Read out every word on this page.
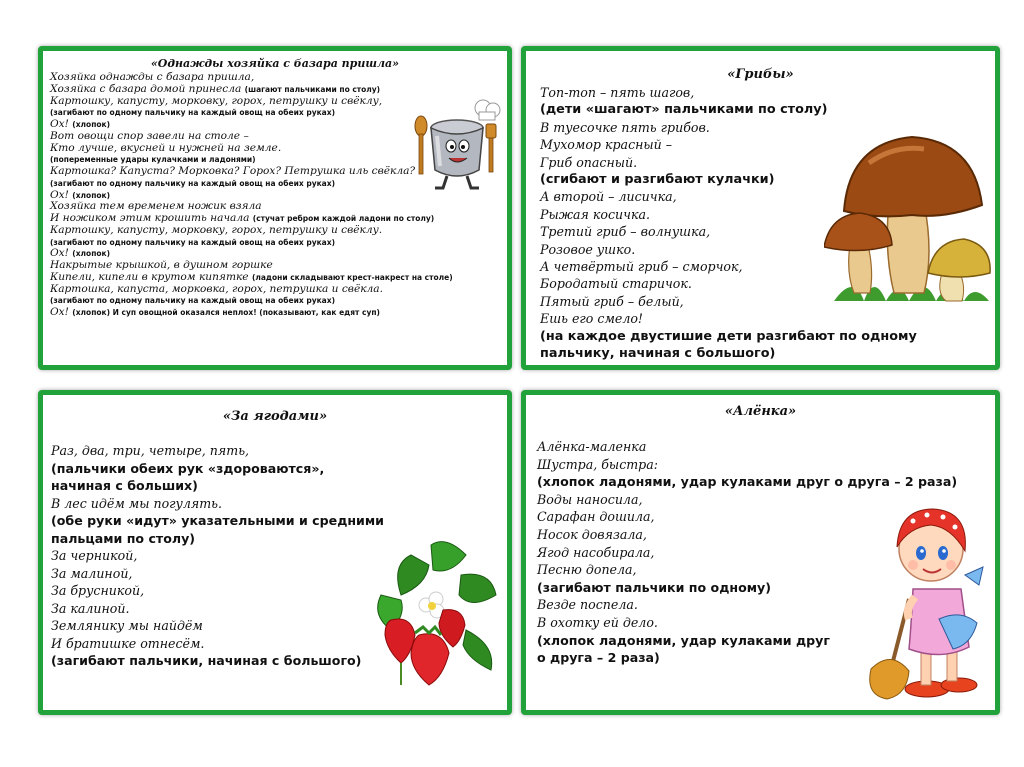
«Однажды хозяйка с базара пришла»
Хозяйка однажды с базара пришла,
Хозяйка с базара домой принесла (шагают пальчиками по столу)
Картошку, капусту, морковку, горох, петрушку и свёклу,
(загибают по одному пальчику на каждый овощ на обеих руках)
Ох! (хлопок)
Вот овощи спор завели на столе –
Кто лучше, вкусней и нужней на земле.
(попеременные удары кулачками и ладонями)
Картошка? Капуста? Морковка? Горох? Петрушка иль свёкла?
(загибают по одному пальчику на каждый овощ на обеих руках)
Ох! (хлопок)
Хозяйка тем временем ножик взяла
И ножиком этим крошить начала (стучат ребром каждой ладони по столу)
Картошку, капусту, морковку, горох, петрушку и свёклу.
(загибают по одному пальчику на каждый овощ на обеих руках)
Ох! (хлопок)
Накрытые крышкой, в душном горшке
Кипели, кипели в крутом кипятке (ладони складывают крест-накрест на столе)
Картошка, капуста, морковка, горох, петрушка и свёкла.
(загибают по одному пальчику на каждый овощ на обеих руках)
Ох! (хлопок) И суп овощной оказался неплох! (показывают, как едят суп)
«Грибы»
Топ-топ – пять шагов,
(дети «шагают» пальчиками по столу)
В туесочке пять грибов.
Мухомор красный –
Гриб опасный.
(сгибают и разгибают кулачки)
А второй – лисичка,
Рыжая косичка.
Третий гриб – волнушка,
Розовое ушко.
А четвёртый гриб – сморчок,
Бородатый старичок.
Пятый гриб – белый,
Ешь его смело!
(на каждое двустишие дети разгибают по одному
пальчику, начиная с большого)
«За ягодами»
Раз, два, три, четыре, пять,
(пальчики обеих рук «здороваются»,
начиная с больших)
В лес идём мы погулять.
(обе руки «идут» указательными и средними
пальцами по столу)
За черникой,
За малиной,
За брусникой,
За калиной.
Землянику мы найдём
И братишке отнесём.
(загибают пальчики, начиная с большого)
«Алёнка»
Алёнка-маленка
Шустра, быстра:
(хлопок ладонями, удар кулаками друг о друга – 2 раза)
Воды наносила,
Сарафан дошила,
Носок довязала,
Ягод насобирала,
Песню допела,
(загибают пальчики по одному)
Везде поспела.
В охотку ей дело.
(хлопок ладонями, удар кулаками друг
о друга – 2 раза)
